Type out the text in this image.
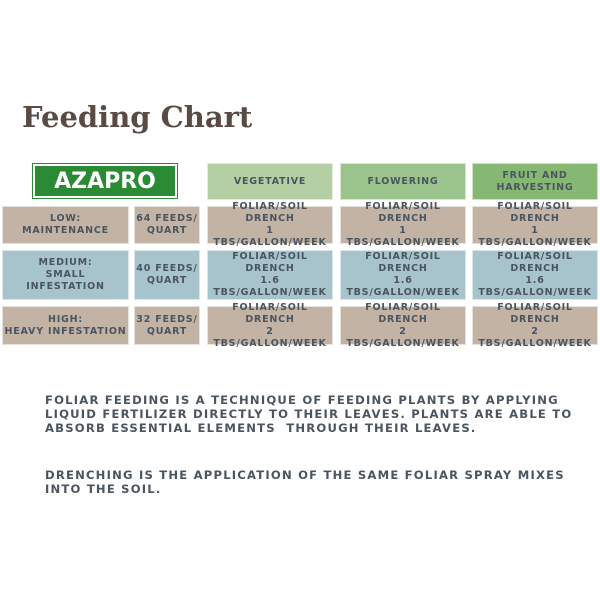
Feeding Chart
AZAPRO	VEGETATIVE	FLOWERING
FRUIT AND
HARVESTING
LOW:
MAINTENANCE
64 FEEDS/
QUART
FOLIAR/SOIL DRENCH
1 TBS/GALLON/WEEK
FOLIAR/SOIL DRENCH
1 TBS/GALLON/WEEK
FOLIAR/SOIL DRENCH
1 TBS/GALLON/WEEK
MEDIUM:
SMALL
INFESTATION
40 FEEDS/
QUART
FOLIAR/SOIL DRENCH
1.6 TBS/GALLON/WEEK
FOLIAR/SOIL DRENCH
1.6 TBS/GALLON/WEEK
FOLIAR/SOIL DRENCH
1.6 TBS/GALLON/WEEK
HIGH:
HEAVY INFESTATION
32 FEEDS/
QUART
FOLIAR/SOIL DRENCH
2 TBS/GALLON/WEEK
FOLIAR/SOIL DRENCH
2 TBS/GALLON/WEEK
FOLIAR/SOIL DRENCH
2 TBS/GALLON/WEEK
FOLIAR FEEDING IS A TECHNIQUE OF FEEDING PLANTS BY APPLYING
LIQUID FERTILIZER DIRECTLY TO THEIR LEAVES. PLANTS ARE ABLE TO
ABSORB ESSENTIAL ELEMENTS  THROUGH THEIR LEAVES.
DRENCHING IS THE APPLICATION OF THE SAME FOLIAR SPRAY MIXES
INTO THE SOIL.
